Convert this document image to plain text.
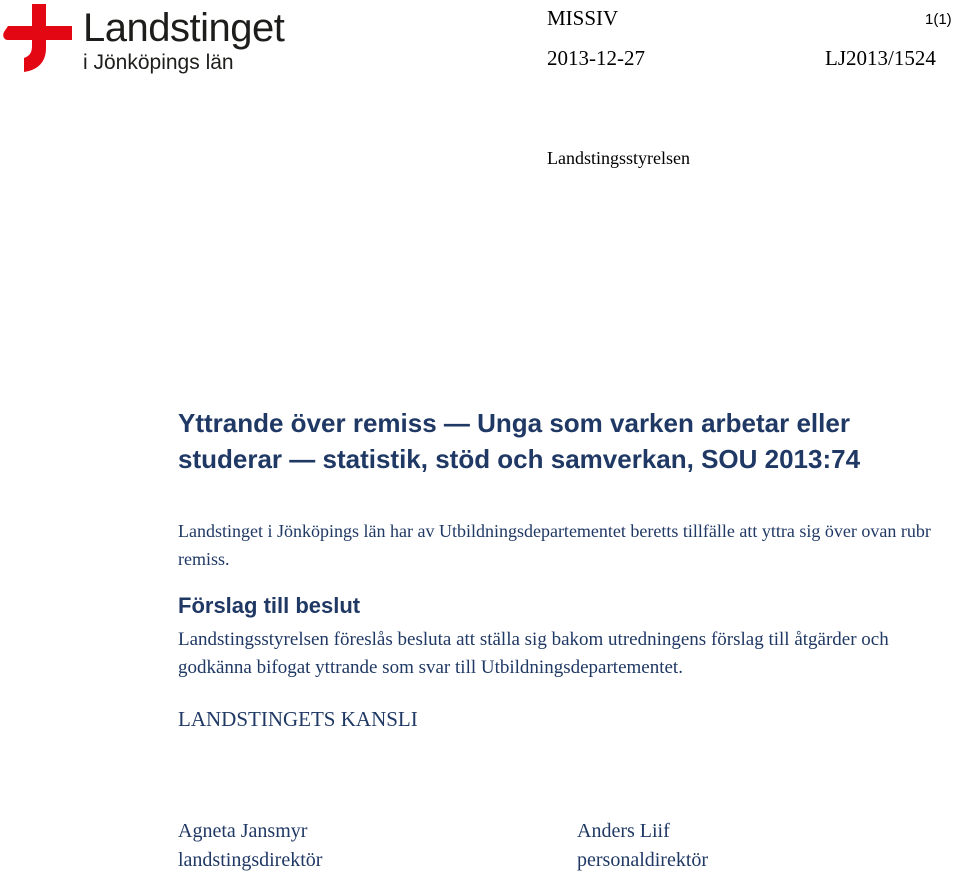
Landstinget
i Jönköpings län
MISSIV	1(1)
2013-12-27	LJ2013/1524
Landstingsstyrelsen
Yttrande över remiss — Unga som varken arbetar eller studerar — statistik, stöd och samverkan, SOU 2013:74
Landstinget i Jönköpings län har av Utbildningsdepartementet beretts tillfälle att yttra sig över ovan rubr remiss.
Förslag till beslut
Landstingsstyrelsen föreslås besluta att ställa sig bakom utredningens förslag till åtgärder och godkänna bifogat yttrande som svar till Utbildningsdepartementet.
LANDSTINGETS KANSLI
Agneta Jansmyr
landstingsdirektör
Anders Liif
personaldirektör
